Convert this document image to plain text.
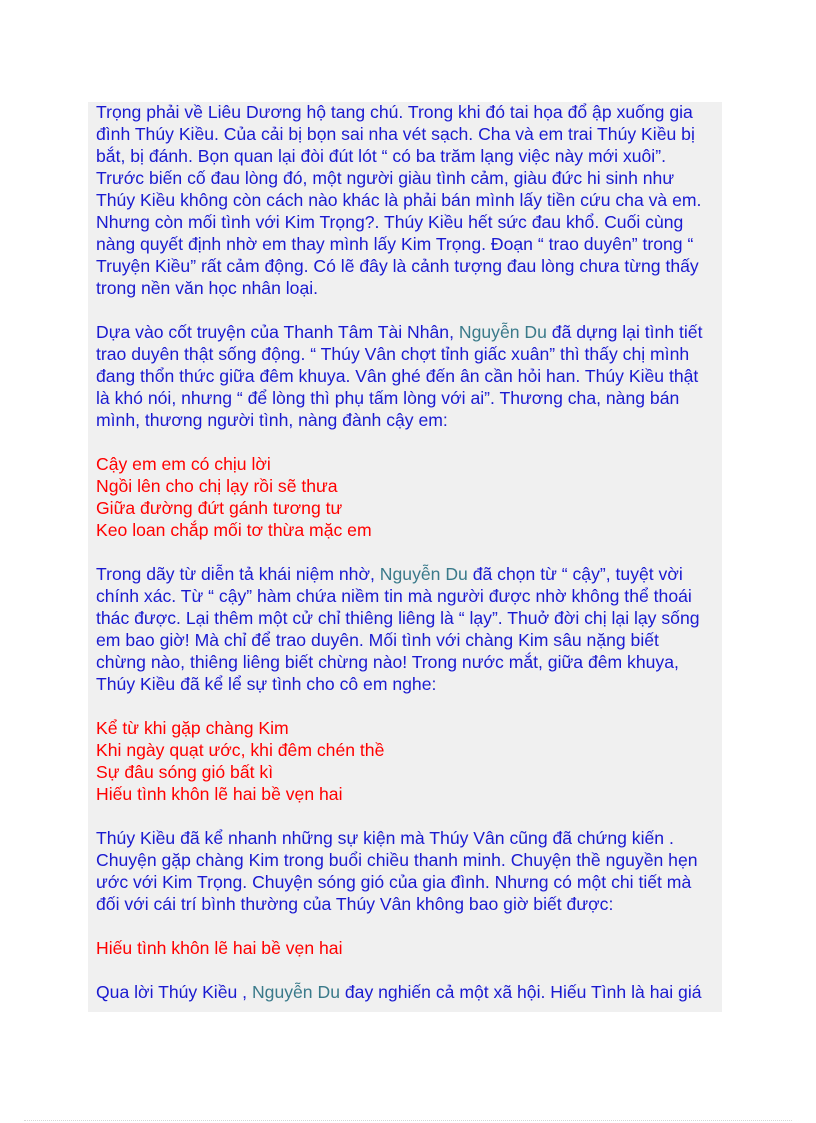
Trọng phải về Liêu Dương hộ tang chú. Trong khi đó tai họa đổ ập xuống gia
đình Thúy Kiều. Của cải bị bọn sai nha vét sạch. Cha và em trai Thúy Kiều bị
bắt, bị đánh. Bọn quan lại đòi đút lót “ có ba trăm lạng việc này mới xuôi”.
Trước biến cố đau lòng đó, một người giàu tình cảm, giàu đức hi sinh như
Thúy Kiều không còn cách nào khác là phải bán mình lấy tiền cứu cha và em.
Nhưng còn mối tình với Kim Trọng?. Thúy Kiều hết sức đau khổ. Cuối cùng
nàng quyết định nhờ em thay mình lấy Kim Trọng. Đoạn “ trao duyên” trong “
Truyện Kiều” rất cảm động. Có lẽ đây là cảnh tượng đau lòng chưa từng thấy
trong nền văn học nhân loại.
Dựa vào cốt truyện của Thanh Tâm Tài Nhân, Nguyễn Du đã dựng lại tình tiết
trao duyên thật sống động. “ Thúy Vân chợt tỉnh giấc xuân” thì thấy chị mình
đang thổn thức giữa đêm khuya. Vân ghé đến ân cần hỏi han. Thúy Kiều thật
là khó nói, nhưng “ để lòng thì phụ tấm lòng với ai”. Thương cha, nàng bán
mình, thương người tình, nàng đành cậy em:
Cậy em em có chịu lời
Ngồi lên cho chị lạy rồi sẽ thưa
Giữa đường đứt gánh tương tư
Keo loan chắp mối tơ thừa mặc em
Trong dãy từ diễn tả khái niệm nhờ, Nguyễn Du đã chọn từ “ cậy”, tuyệt vời
chính xác. Từ “ cậy” hàm chứa niềm tin mà người được nhờ không thể thoái
thác được. Lại thêm một cử chỉ thiêng liêng là “ lạy”. Thuở đời chị lại lạy sống
em bao giờ! Mà chỉ để trao duyên. Mối tình với chàng Kim sâu nặng biết
chừng nào, thiêng liêng biết chừng nào! Trong nước mắt, giữa đêm khuya,
Thúy Kiều đã kể lể sự tình cho cô em nghe:
Kể từ khi gặp chàng Kim
Khi ngày quạt ước, khi đêm chén thề
Sự đâu sóng gió bất kì
Hiếu tình khôn lẽ hai bề vẹn hai
Thúy Kiều đã kể nhanh những sự kiện mà Thúy Vân cũng đã chứng kiến .
Chuyện gặp chàng Kim trong buổi chiều thanh minh. Chuyện thề nguyền hẹn
ước với Kim Trọng. Chuyện sóng gió của gia đình. Nhưng có một chi tiết mà
đối với cái trí bình thường của Thúy Vân không bao giờ biết được:
Hiếu tình khôn lẽ hai bề vẹn hai
Qua lời Thúy Kiều , Nguyễn Du đay nghiến cả một xã hội. Hiếu Tình là hai giá
